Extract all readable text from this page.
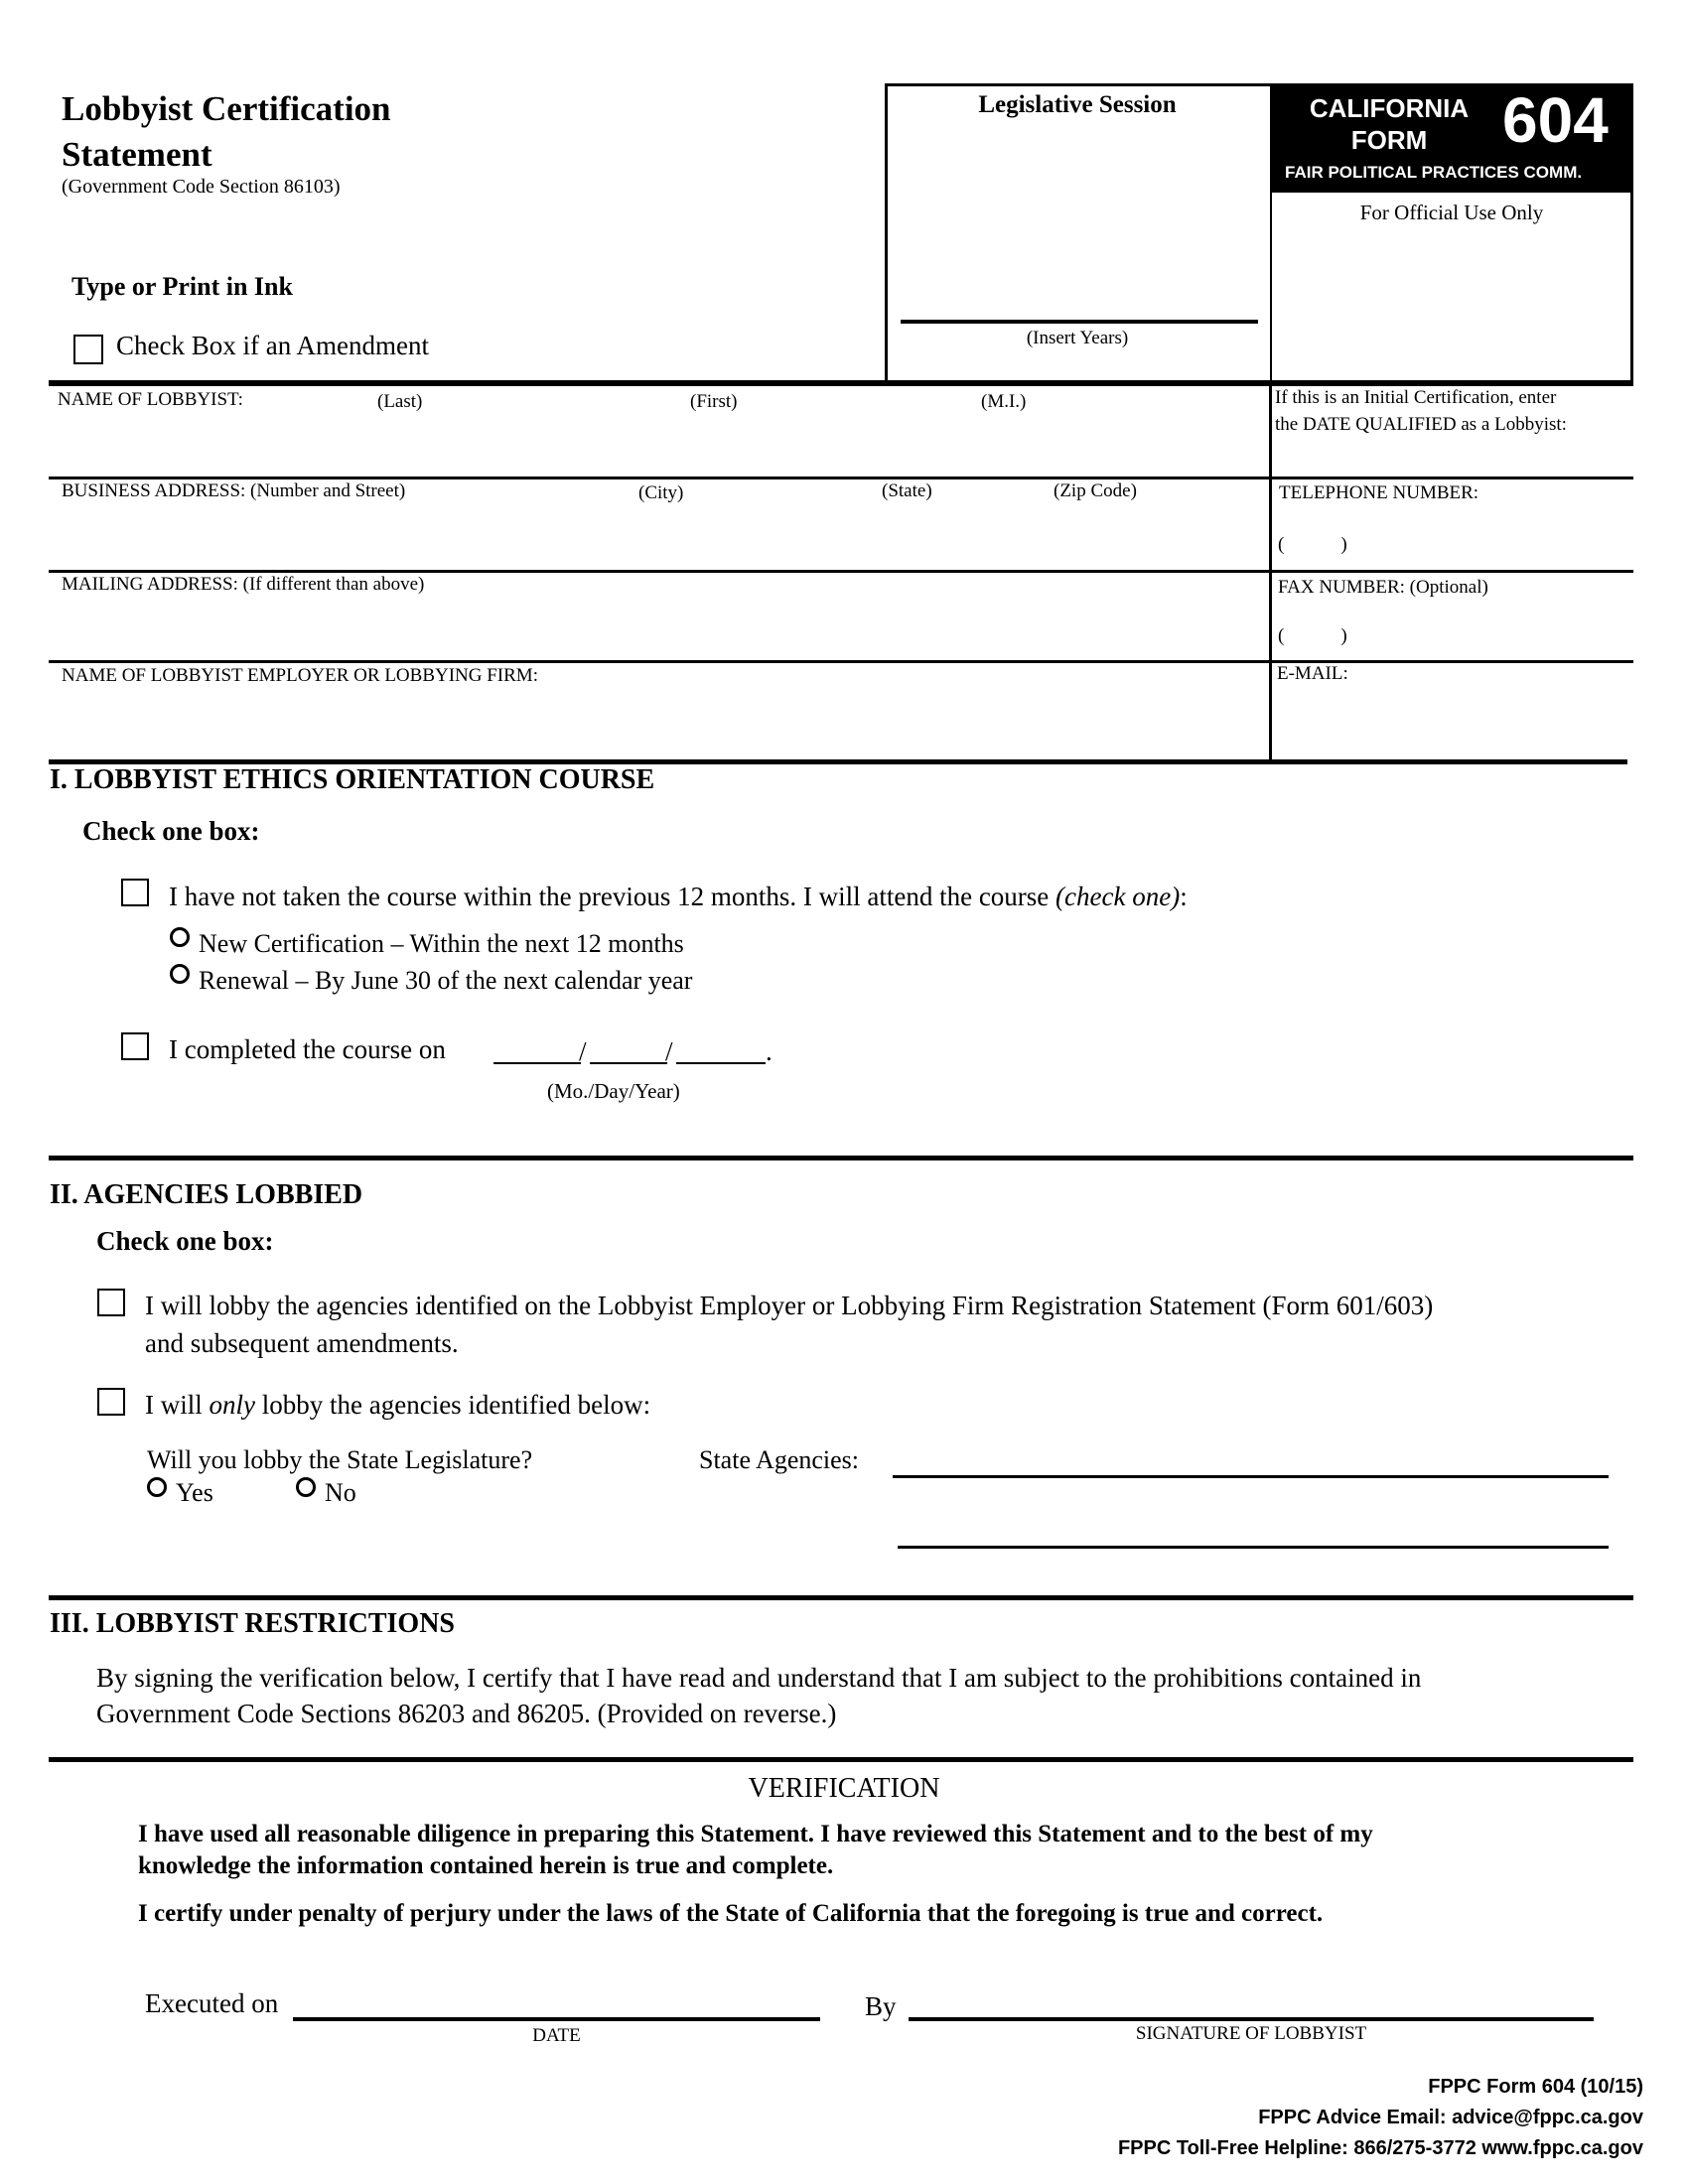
Lobbyist Certification
Statement
(Government Code Section 86103)
Type or Print in Ink
Check Box if an Amendment
Legislative Session
(Insert Years)
CALIFORNIA
FORM	604
FAIR POLITICAL PRACTICES COMM.
For Official Use Only
NAME OF LOBBYIST:	(Last)	(First)	(M.I.)	If this is an Initial Certification, enter
the DATE QUALIFIED as a Lobbyist:
BUSINESS ADDRESS: (Number and Street)	(City)	(State)	(Zip Code)	TELEPHONE NUMBER:
(            )
MAILING ADDRESS: (If different than above)	FAX NUMBER: (Optional)
(            )
NAME OF LOBBYIST EMPLOYER OR LOBBYING FIRM:	E-MAIL:
I. LOBBYIST ETHICS ORIENTATION COURSE
Check one box:
I have not taken the course within the previous 12 months. I will attend the course (check one):
New Certification – Within the next 12 months
Renewal – By June 30 of the next calendar year
I completed the course on	/	/	.
(Mo./Day/Year)
II. AGENCIES LOBBIED
Check one box:
I will lobby the agencies identified on the Lobbyist Employer or Lobbying Firm Registration Statement (Form 601/603)
and subsequent amendments.
I will only lobby the agencies identified below:
Will you lobby the State Legislature?
Yes	No
State Agencies:
III. LOBBYIST RESTRICTIONS
By signing the verification below, I certify that I have read and understand that I am subject to the prohibitions contained in
Government Code Sections 86203 and 86205. (Provided on reverse.)
VERIFICATION
I have used all reasonable diligence in preparing this Statement. I have reviewed this Statement and to the best of my
knowledge the information contained herein is true and complete.
I certify under penalty of perjury under the laws of the State of California that the foregoing is true and correct.
Executed on
DATE
By
SIGNATURE OF LOBBYIST
FPPC Form 604 (10/15)
FPPC Advice Email: advice@fppc.ca.gov
FPPC Toll-Free Helpline: 866/275-3772 www.fppc.ca.gov
